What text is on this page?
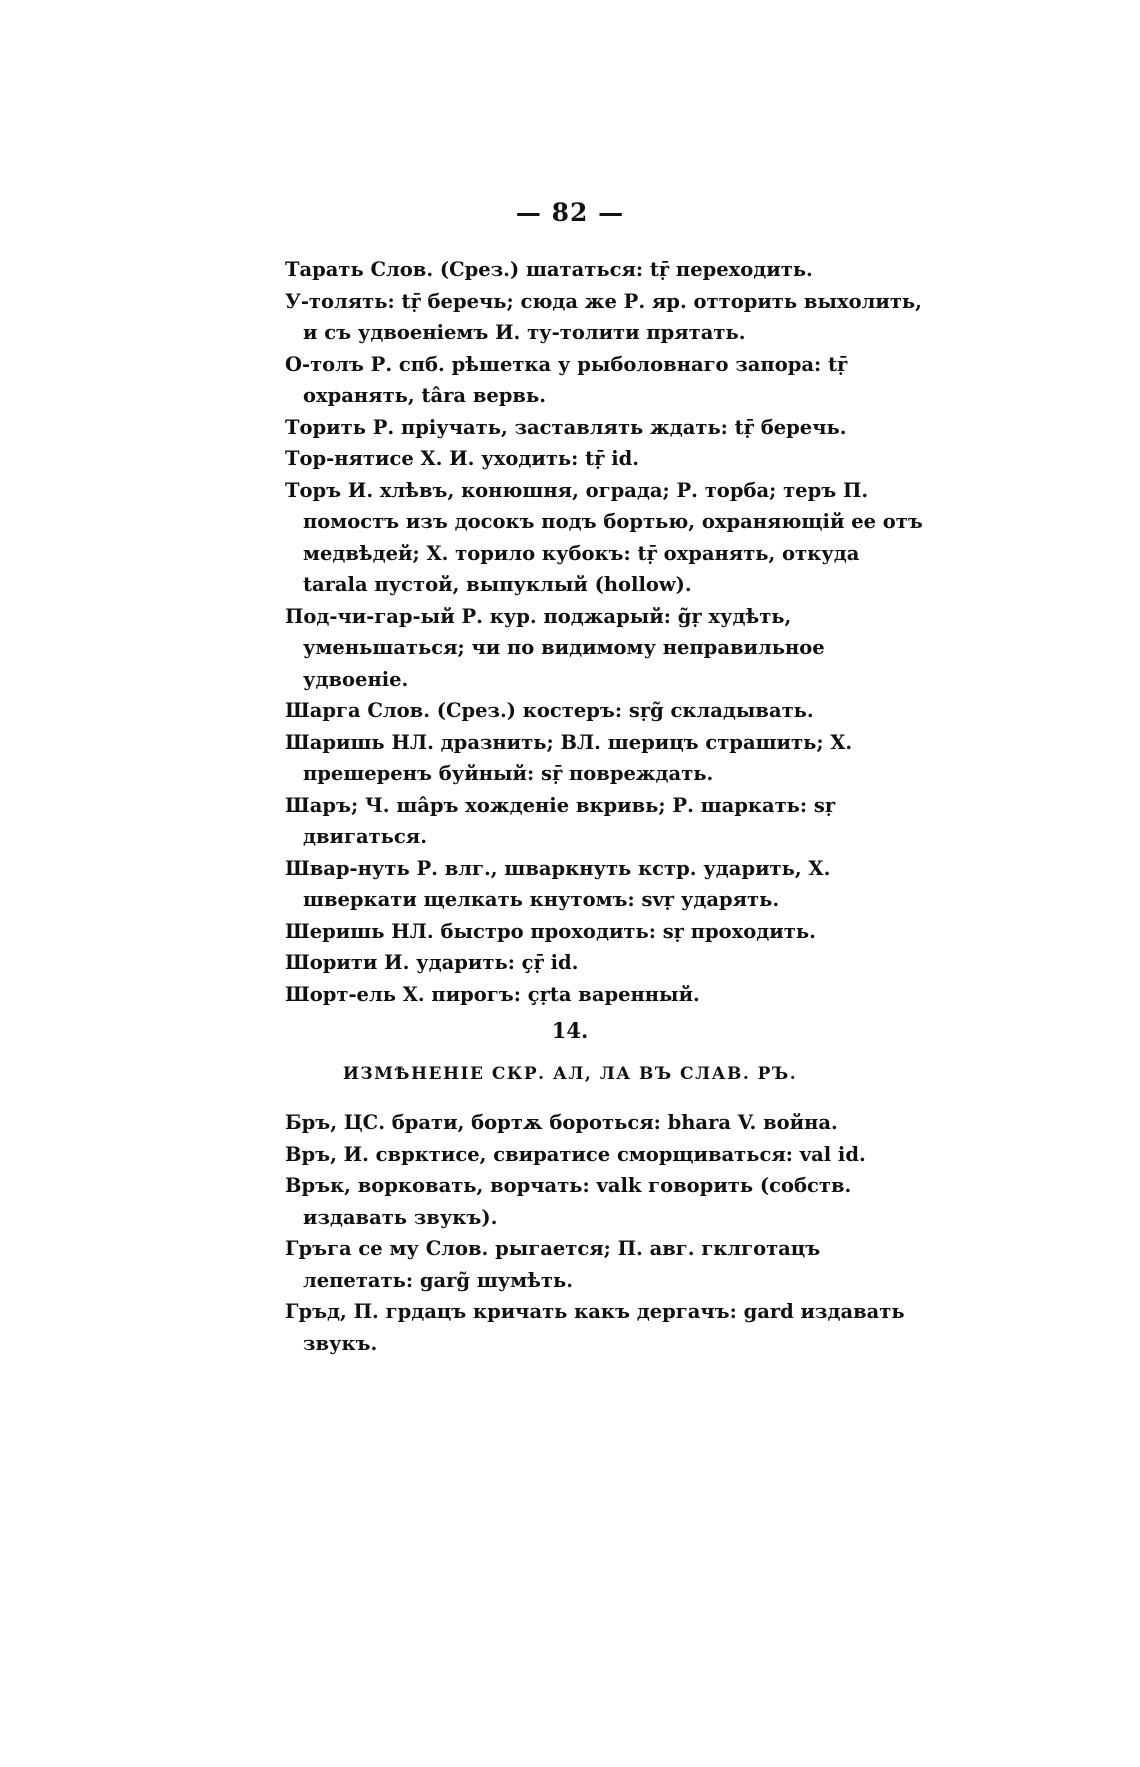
— 82 —

Тарать Слов. (Срез.) шататься: tṝ переходить.

У-толять: tṝ беречь; сюда же Р. яр. отторить выхолить, и съ удвоеніемъ И. ту-толити прятать.

О-толъ Р. спб. рѣшетка у рыболовнаго запора: tṝ охранять, târa вервь.

Торить Р. пріучать, заставлять ждать: tṝ беречь.

Тор-нятисе Х. И. уходить: tṝ id.

Торъ И. хлѣвъ, конюшня, ограда; Р. торба; теръ П. помостъ изъ досокъ подъ бортью, охраняющій ее отъ медвѣдей; Х. торило кубокъ: tṝ охранять, откуда tarala пустой, выпуклый (hollow).

Под-чи-гар-ый Р. кур. поджарый: g̃ṛ худѣть, уменьшаться; чи по видимому неправильное удвоеніе.

Шарга Слов. (Срез.) костеръ: sṛg̃ складывать.

Шаришь НЛ. дразнить; ВЛ. шерицъ страшить; Х. прешеренъ буйный: sṝ повреждать.

Шаръ; Ч. шâръ хожденіе вкривь; Р. шаркать: sṛ двигаться.

Швар-нуть Р. влг., шваркнуть кстр. ударить, Х. шверкати щелкать кнутомъ: svṛ ударять.

Шеришь НЛ. быстро проходить: sṛ проходить.

Шорити И. ударить: çṝ id.

Шорт-ель Х. пирогъ: çṛta варенный.

14.
ИЗМѢНЕНІЕ СКР. АЛ, ЛА ВЪ СЛАВ. РЪ.

Бръ, ЦС. брати, бортѫ бороться: bhara V. война.

Връ, И. сврктисе, свиратисе сморщиваться: val id.

Врък, ворковать, ворчать: valk говорить (собств. издавать звукъ).

Гръга се му Слов. рыгается; П. авг. гклготацъ лепетать: garg̃ шумѣть.

Гръд, П. грдацъ кричать какъ дергачъ: gard издавать звукъ.
